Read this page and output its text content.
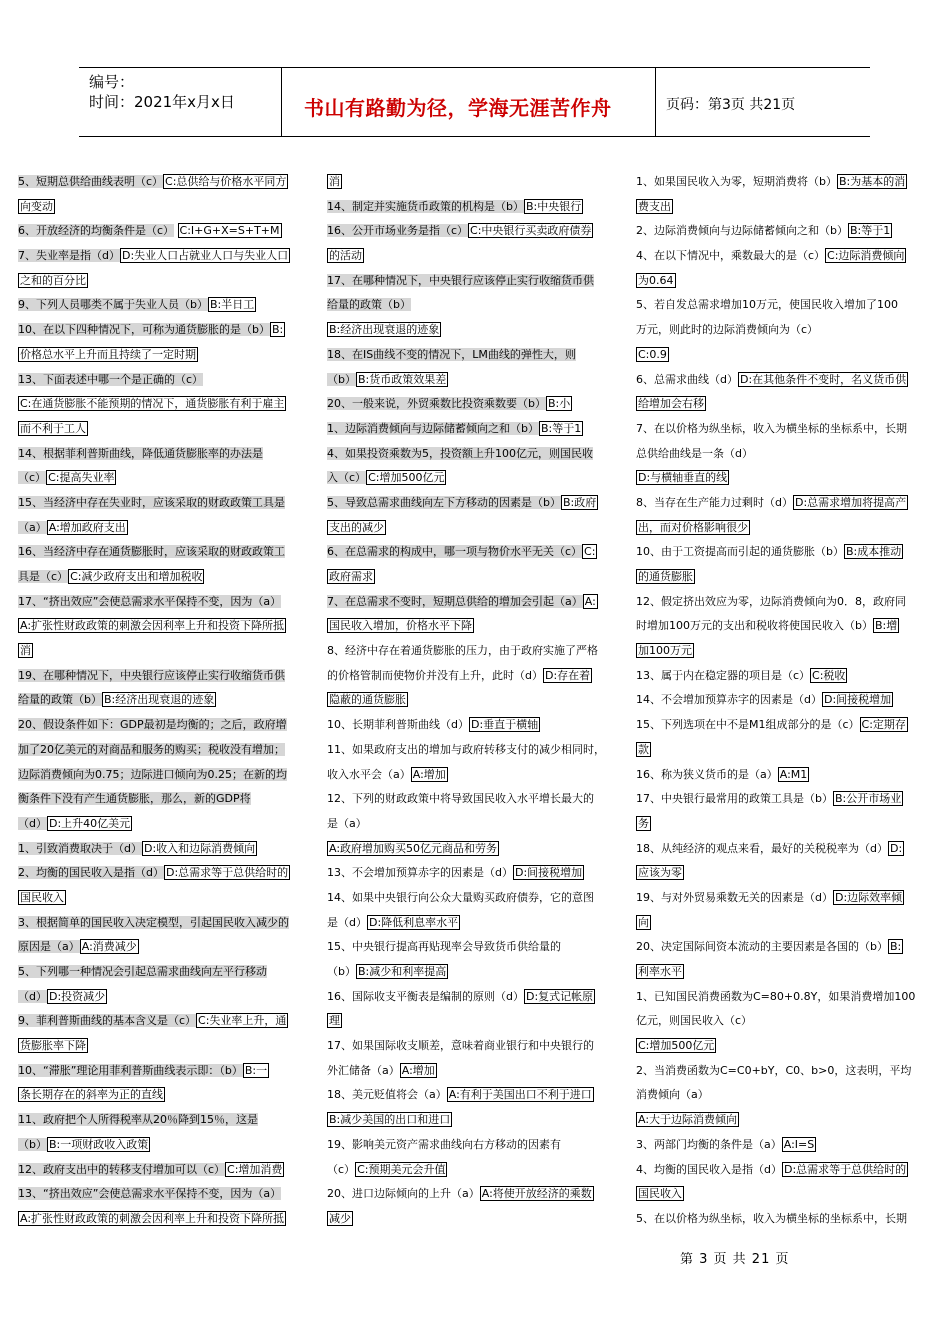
编号：
时间：2021年x月x日	书山有路勤为径，学海无涯苦作舟	页码：第3页 共21页
5、短期总供给曲线表明（c） C:总供给与价格水平同方
向变动
6、开放经济的均衡条件是（c） C:I+G+X=S+T+M
7、失业率是指（d） D:失业人口占就业人口与失业人口
之和的百分比
9、下列人员哪类不属于失业人员（b） B:半日工
10、在以下四种情况下，可称为通货膨胀的是（b） B:
价格总水平上升而且持续了一定时期
13、下面表述中哪一个是正确的（c）
C:在通货膨胀不能预期的情况下，通货膨胀有利于雇主
而不利于工人
14、根据菲利普斯曲线，降低通货膨胀率的办法是
（c） C:提高失业率
15、当经济中存在失业时，应该采取的财政政策工具是
（a） A:增加政府支出
16、当经济中存在通货膨胀时，应该采取的财政政策工
具是（c） C:减少政府支出和增加税收
17、“挤出效应”会使总需求水平保持不变，因为（a）
A:扩张性财政政策的刺激会因利率上升和投资下降所抵
消
19、在哪种情况下，中央银行应该停止实行收缩货币供
给量的政策（b） B:经济出现衰退的迹象
20、假设条件如下：GDP最初是均衡的；之后，政府增
加了20亿美元的对商品和服务的购买；税收没有增加；
边际消费倾向为0.75；边际进口倾向为0.25；在新的均
衡条件下没有产生通货膨胀，那么，新的GDP将
（d） D:上升40亿美元
1、引致消费取决于（d） D:收入和边际消费倾向
2、均衡的国民收入是指（d） D:总需求等于总供给时的
国民收入
3、根据简单的国民收入决定模型，引起国民收入减少的
原因是（a） A:消费减少
5、下列哪一种情况会引起总需求曲线向左平行移动
（d） D:投资减少
9、菲利普斯曲线的基本含义是（c） C:失业率上升，通
货膨胀率下降
10、“滞胀”理论用菲利普斯曲线表示即：（b） B:一
条长期存在的斜率为正的直线
11、政府把个人所得税率从20％降到15％，这是
（b） B:一项财政收入政策
12、政府支出中的转移支付增加可以（c） C:增加消费
13、“挤出效应”会使总需求水平保持不变，因为（a）
A:扩张性财政政策的刺激会因利率上升和投资下降所抵
消
14、制定并实施货币政策的机构是（b） B:中央银行
16、公开市场业务是指（c） C:中央银行买卖政府债券
的活动
17、在哪种情况下，中央银行应该停止实行收缩货币供
给量的政策（b）
B:经济出现衰退的迹象
18、在IS曲线不变的情况下，LM曲线的弹性大，则
（b） B:货币政策效果差
20、一般来说，外贸乘数比投资乘数要（b） B:小
1、边际消费倾向与边际储蓄倾向之和（b） B:等于1
4、如果投资乘数为5，投资额上升100亿元，则国民收
入（c） C:增加500亿元
5、导致总需求曲线向左下方移动的因素是（b） B:政府
支出的减少
6、在总需求的构成中，哪一项与物价水平无关（c） C:
政府需求
7、在总需求不变时，短期总供给的增加会引起（a） A:
国民收入增加，价格水平下降
8、经济中存在着通货膨胀的压力，由于政府实施了严格
的价格管制而使物价并没有上升，此时（d） D:存在着
隐蔽的通货膨胀
10、长期菲利普斯曲线（d） D:垂直于横轴
11、如果政府支出的增加与政府转移支付的减少相同时，
收入水平会（a） A:增加
12、下列的财政政策中将导致国民收入水平增长最大的
是（a）
A:政府增加购买50亿元商品和劳务
13、不会增加预算赤字的因素是（d） D:间接税增加
14、如果中央银行向公众大量购买政府债券，它的意图
是（d） D:降低利息率水平
15、中央银行提高再贴现率会导致货币供给量的
（b） B:减少和利率提高
16、国际收支平衡表是编制的原则（d） D:复式记帐原
理
17、如果国际收支顺差，意味着商业银行和中央银行的
外汇储备（a） A:增加
18、美元贬值将会（a） A:有利于美国出口不利于进口
B:减少美国的出口和进口
19、影响美元资产需求曲线向右方移动的因素有
（c） C:预期美元会升值
20、进口边际倾向的上升（a） A:将使开放经济的乘数
减少
1、如果国民收入为零，短期消费将（b） B:为基本的消
费支出
2、边际消费倾向与边际储蓄倾向之和（b） B:等于1
4、在以下情况中，乘数最大的是（c） C:边际消费倾向
为0.64
5、若自发总需求增加10万元，使国民收入增加了100
万元，则此时的边际消费倾向为（c）
C:0.9
6、总需求曲线（d） D:在其他条件不变时，名义货币供
给增加会右移
7、在以价格为纵坐标，收入为横坐标的坐标系中，长期
总供给曲线是一条（d）
D:与横轴垂直的线
8、当存在生产能力过剩时（d） D:总需求增加将提高产
出，而对价格影响很少
10、由于工资提高而引起的通货膨胀（b） B:成本推动
的通货膨胀
12、假定挤出效应为零，边际消费倾向为0．8，政府同
时增加100万元的支出和税收将使国民收入（b） B:增
加100万元
13、属于内在稳定器的项目是（c） C:税收
14、不会增加预算赤字的因素是（d） D:间接税增加
15、下列选项在中不是M1组成部分的是（c） C:定期存
款
16、称为狭义货币的是（a） A:M1
17、中央银行最常用的政策工具是（b） B:公开市场业
务
18、从纯经济的观点来看，最好的关税税率为（d） D:
应该为零
19、与对外贸易乘数无关的因素是（d） D:边际效率倾
向
20、决定国际间资本流动的主要因素是各国的（b） B:
利率水平
1、已知国民消费函数为C=80+0.8Y，如果消费增加100
亿元，则国民收入（c）
C:增加500亿元
2、当消费函数为C=C0+bY，C0、b>0，这表明，平均
消费倾向（a）
A:大于边际消费倾向
3、两部门均衡的条件是（a） A:I=S
4、均衡的国民收入是指（d） D:总需求等于总供给时的
国民收入
5、在以价格为纵坐标，收入为横坐标的坐标系中，长期
第 3 页 共 21 页
